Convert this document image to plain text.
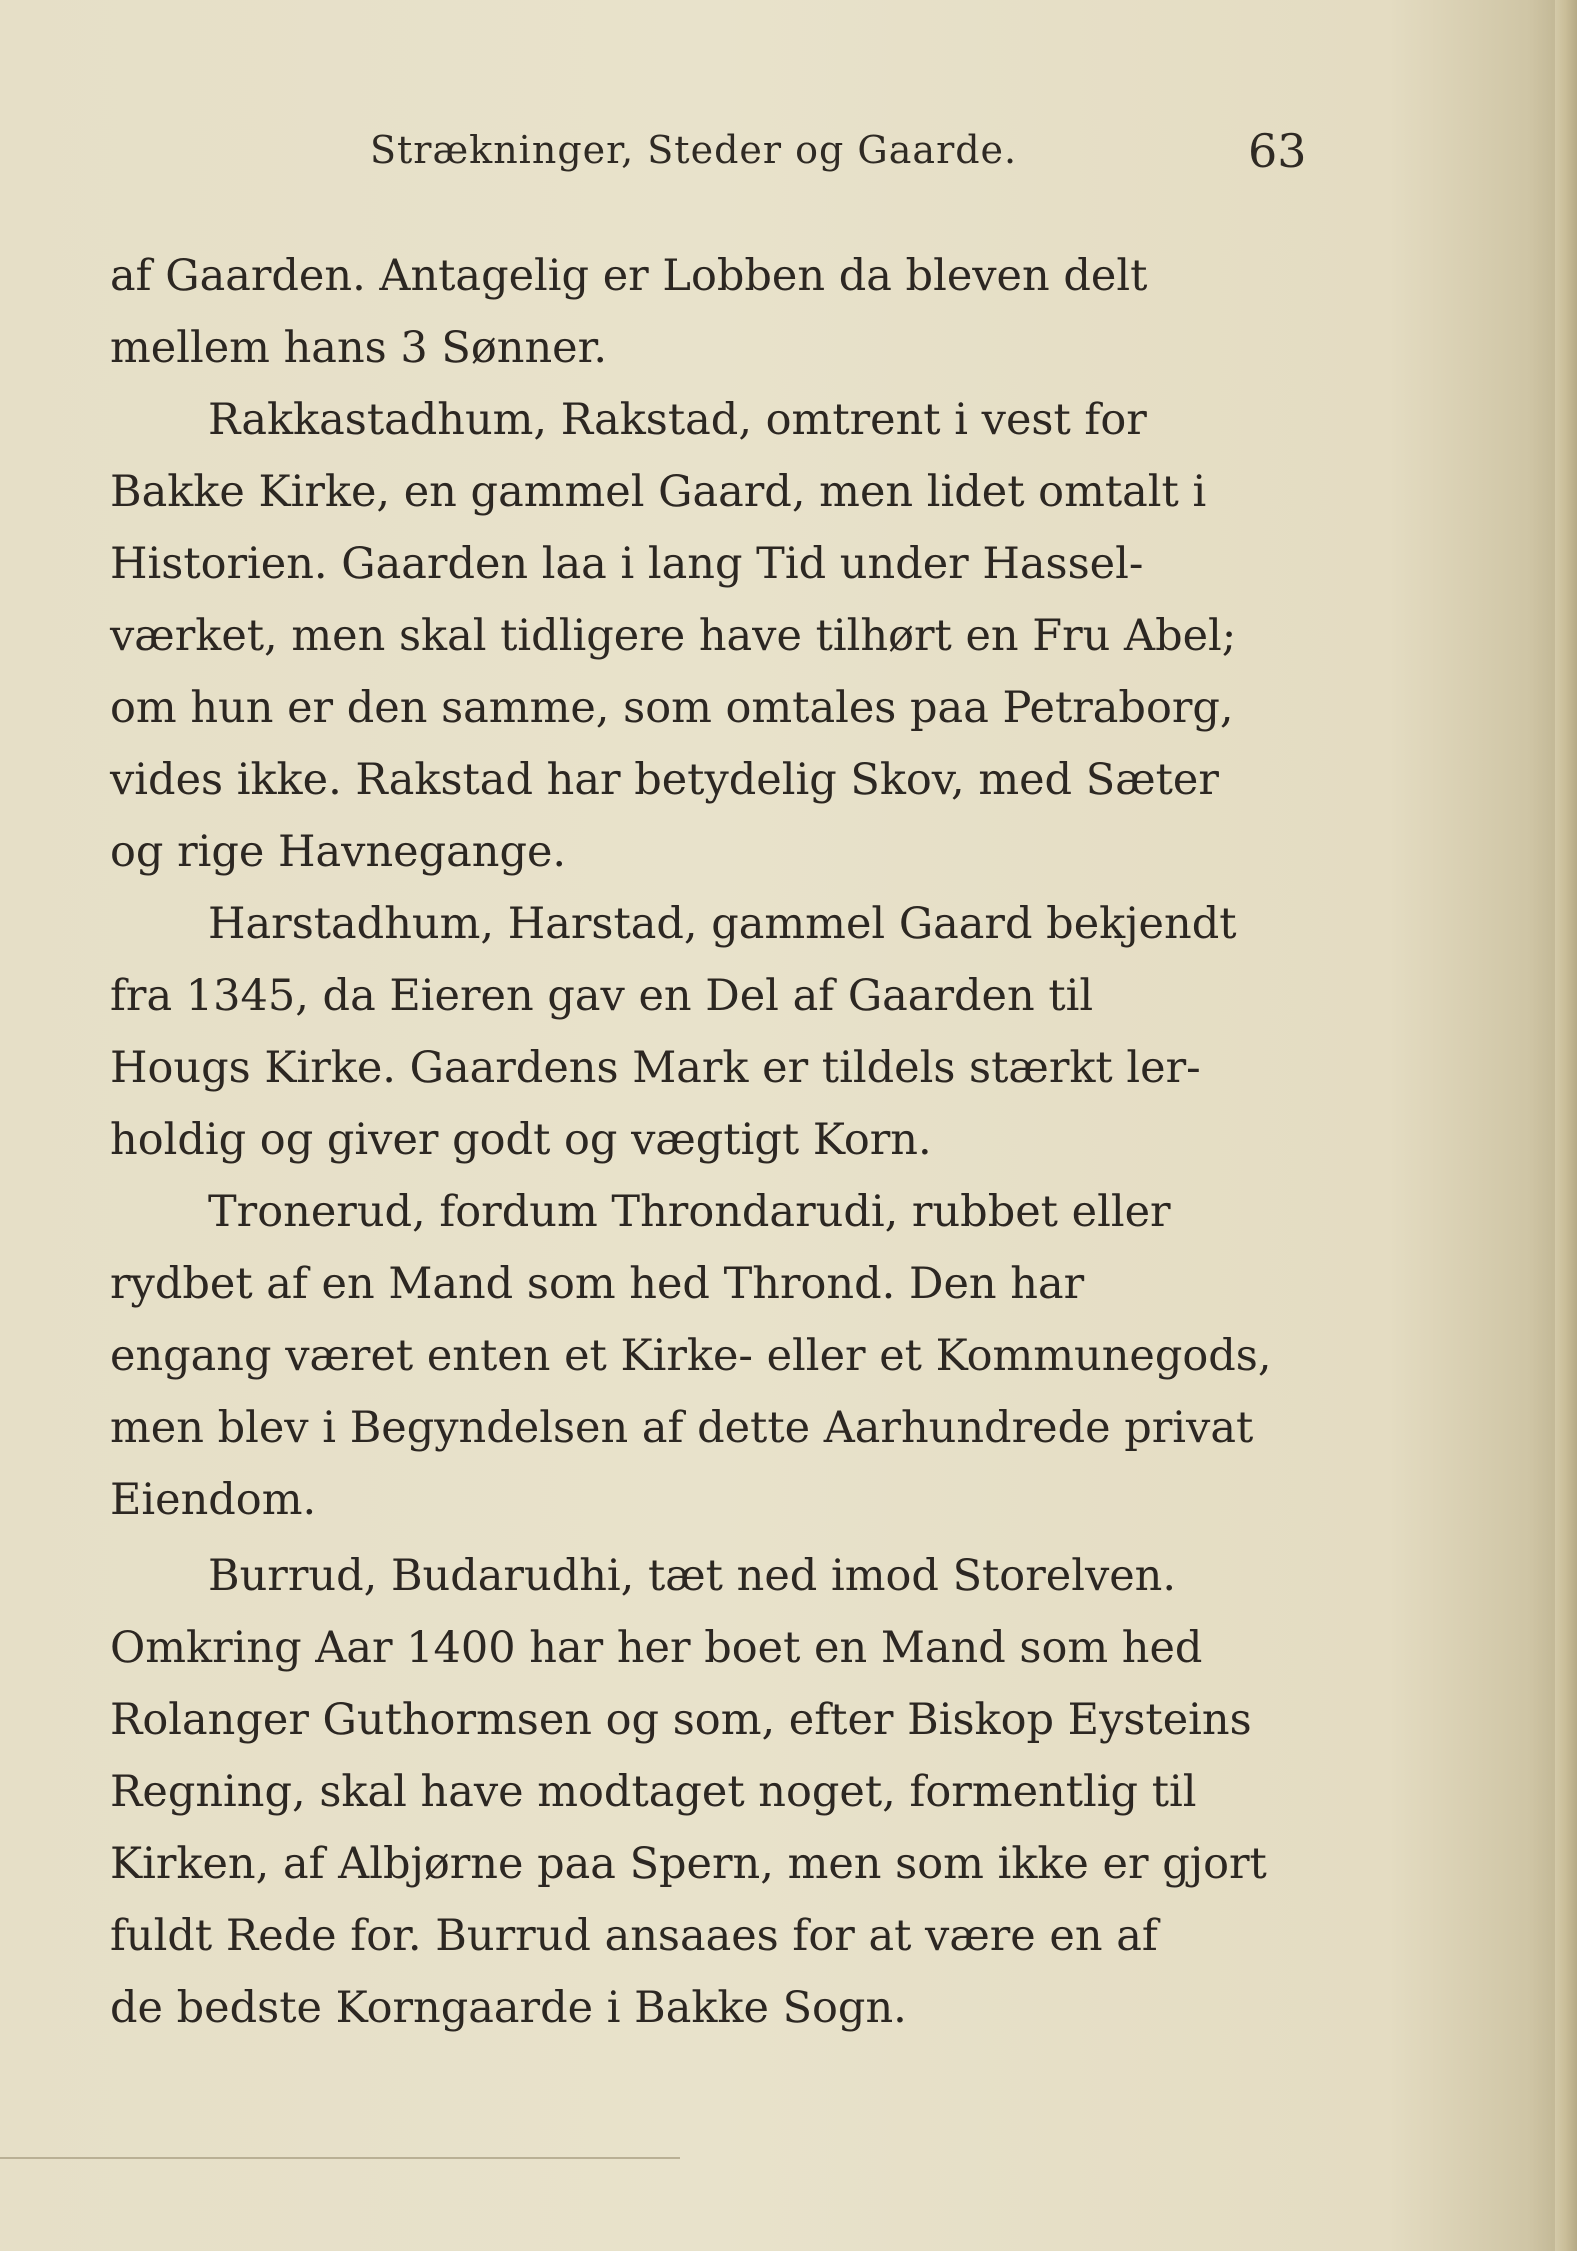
Strækninger, Steder og Gaarde.	63
af Gaarden. Antagelig er Lobben da bleven delt
mellem hans 3 Sønner.
Rakkastadhum, Rakstad, omtrent i vest for
Bakke Kirke, en gammel Gaard, men lidet omtalt i
Historien. Gaarden laa i lang Tid under Hassel-
værket, men skal tidligere have tilhørt en Fru Abel;
om hun er den samme, som omtales paa Petraborg,
vides ikke. Rakstad har betydelig Skov, med Sæter
og rige Havnegange.
Harstadhum, Harstad, gammel Gaard bekjendt
fra 1345, da Eieren gav en Del af Gaarden til
Hougs Kirke. Gaardens Mark er tildels stærkt ler-
holdig og giver godt og vægtigt Korn.
Tronerud, fordum Throndarudi, rubbet eller
rydbet af en Mand som hed Thrond. Den har
engang været enten et Kirke- eller et Kommunegods,
men blev i Begyndelsen af dette Aarhundrede privat
Eiendom.
Burrud, Budarudhi, tæt ned imod Storelven.
Omkring Aar 1400 har her boet en Mand som hed
Rolanger Guthormsen og som, efter Biskop Eysteins
Regning, skal have modtaget noget, formentlig til
Kirken, af Albjørne paa Spern, men som ikke er gjort
fuldt Rede for. Burrud ansaaes for at være en af
de bedste Korngaarde i Bakke Sogn.
